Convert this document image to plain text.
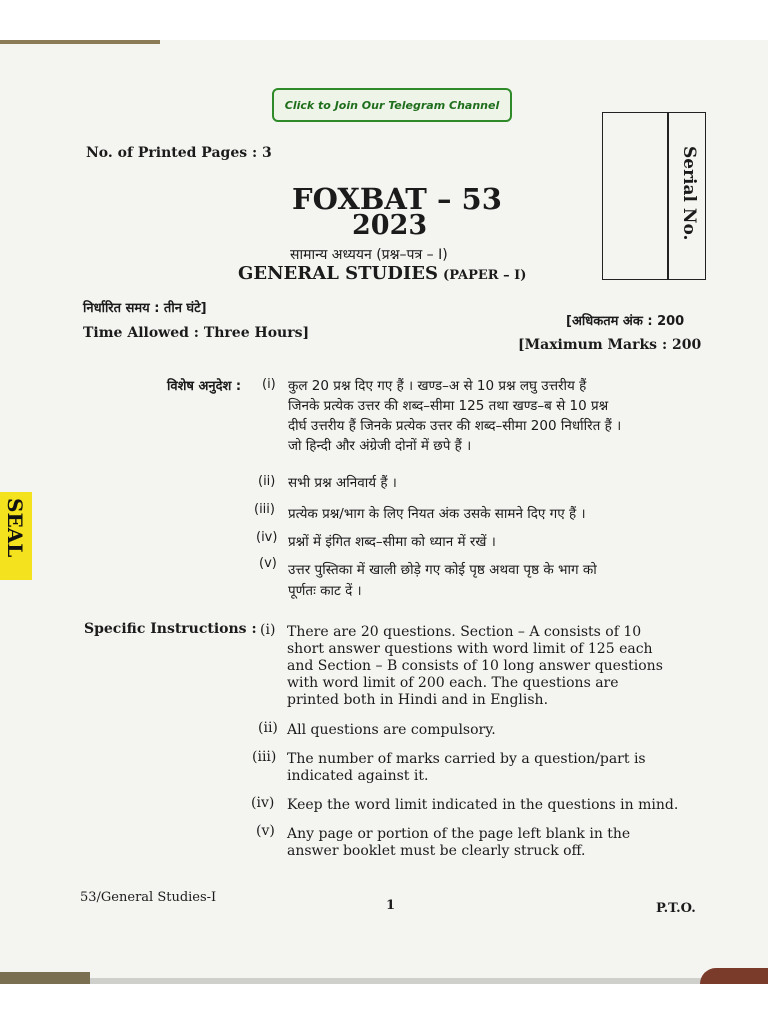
Click to Join Our Telegram Channel
No. of Printed Pages : 3	Serial No.
FOXBAT – 53
2023
सामान्य अध्ययन (प्रश्न–पत्र – I)
GENERAL STUDIES (PAPER – I)
निर्धारित समय : तीन घंटे]
Time Allowed : Three Hours]
[अधिकतम अंक : 200
[Maximum Marks : 200
SEAL
विशेष अनुदेश : (i) कुल 20 प्रश्न दिए गए हैं । खण्ड–अ से 10 प्रश्न लघु उत्तरीय हैं
जिनके प्रत्येक उत्तर की शब्द–सीमा 125 तथा खण्ड–ब से 10 प्रश्न
दीर्घ उत्तरीय हैं जिनके प्रत्येक उत्तर की शब्द–सीमा 200 निर्धारित हैं ।
जो हिन्दी और अंग्रेजी दोनों में छपे हैं ।
(ii) सभी प्रश्न अनिवार्य हैं ।
(iii) प्रत्येक प्रश्न/भाग के लिए नियत अंक उसके सामने दिए गए हैं ।
(iv) प्रश्नों में इंगित शब्द–सीमा को ध्यान में रखें ।
(v) उत्तर पुस्तिका में खाली छोड़े गए कोई पृष्ठ अथवा पृष्ठ के भाग को
पूर्णतः काट दें ।
Specific Instructions : (i) There are 20 questions. Section – A consists of 10
short answer questions with word limit of 125 each
and Section – B consists of 10 long answer questions
with word limit of 200 each. The questions are
printed both in Hindi and in English.
(ii) All questions are compulsory.
(iii) The number of marks carried by a question/part is
indicated against it.
(iv) Keep the word limit indicated in the questions in mind.
(v) Any page or portion of the page left blank in the
answer booklet must be clearly struck off.
53/General Studies-I
1	P.T.O.
